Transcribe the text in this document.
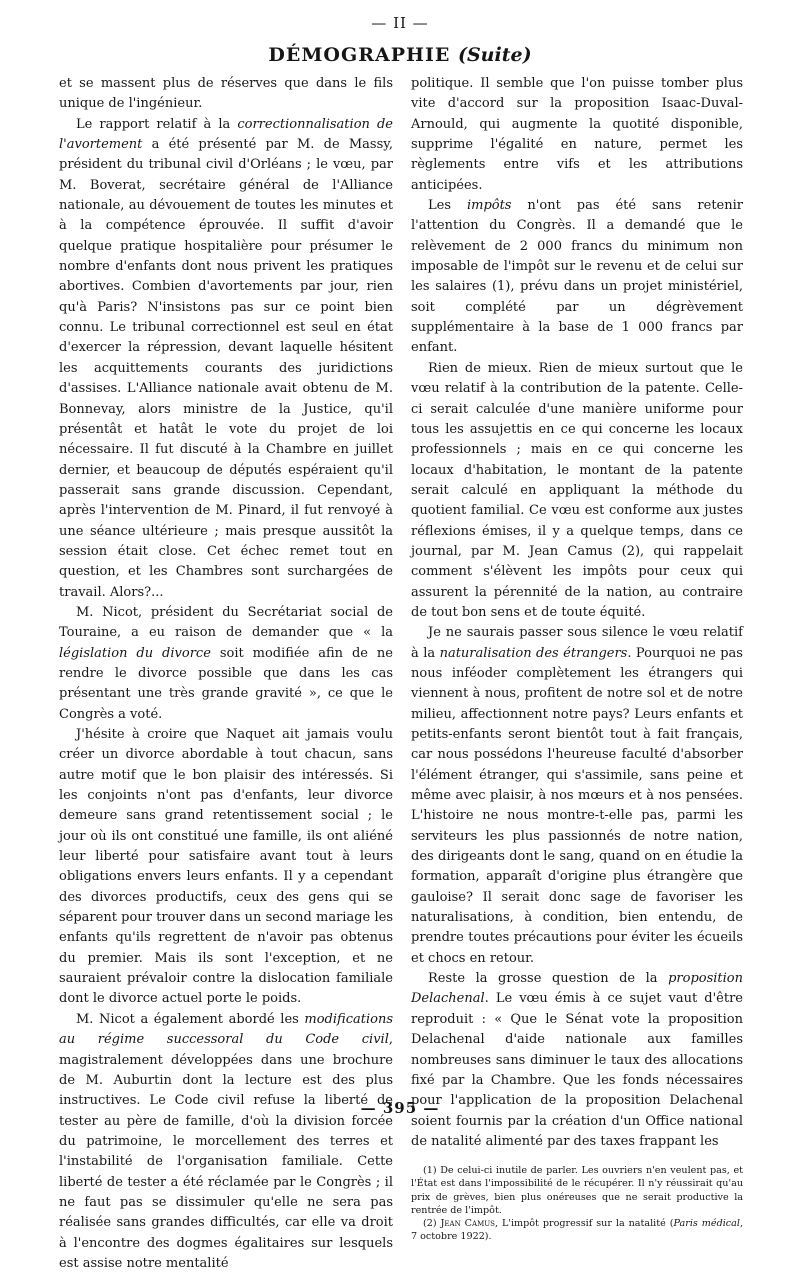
— II —
DÉMOGRAPHIE (Suite)

et se massent plus de réserves que dans le fils unique de l'ingénieur.

Le rapport relatif à la correctionnalisation de l'avortement a été présenté par M. de Massy, président du tribunal civil d'Orléans ; le vœu, par M. Boverat, secrétaire général de l'Alliance nationale, au dévouement de toutes les minutes et à la compétence éprouvée. Il suffit d'avoir quelque pratique hospitalière pour présumer le nombre d'enfants dont nous privent les pratiques abortives. Combien d'avortements par jour, rien qu'à Paris? N'insistons pas sur ce point bien connu. Le tribunal correctionnel est seul en état d'exercer la répression, devant laquelle hésitent les acquittements courants des juridictions d'assises. L'Alliance nationale avait obtenu de M. Bonnevay, alors ministre de la Justice, qu'il présentât et hatât le vote du projet de loi nécessaire. Il fut discuté à la Chambre en juillet dernier, et beaucoup de députés espéraient qu'il passerait sans grande discussion. Cependant, après l'intervention de M. Pinard, il fut renvoyé à une séance ultérieure ; mais presque aussitôt la session était close. Cet échec remet tout en question, et les Chambres sont surchargées de travail. Alors?...

M. Nicot, président du Secrétariat social de Touraine, a eu raison de demander que « la législation du divorce soit modifiée afin de ne rendre le divorce possible que dans les cas présentant une très grande gravité », ce que le Congrès a voté.

J'hésite à croire que Naquet ait jamais voulu créer un divorce abordable à tout chacun, sans autre motif que le bon plaisir des intéressés. Si les conjoints n'ont pas d'enfants, leur divorce demeure sans grand retentissement social ; le jour où ils ont constitué une famille, ils ont aliéné leur liberté pour satisfaire avant tout à leurs obligations envers leurs enfants. Il y a cependant des divorces productifs, ceux des gens qui se séparent pour trouver dans un second mariage les enfants qu'ils regrettent de n'avoir pas obtenus du premier. Mais ils sont l'exception, et ne sauraient prévaloir contre la dislocation familiale dont le divorce actuel porte le poids.

M. Nicot a également abordé les modifications au régime successoral du Code civil, magistralement développées dans une brochure de M. Auburtin dont la lecture est des plus instructives. Le Code civil refuse la liberté de tester au père de famille, d'où la division forcée du patrimoine, le morcellement des terres et l'instabilité de l'organisation familiale. Cette liberté de tester a été réclamée par le Congrès ; il ne faut pas se dissimuler qu'elle ne sera pas réalisée sans grandes difficultés, car elle va droit à l'encontre des dogmes égalitaires sur lesquels est assise notre mentalité

politique. Il semble que l'on puisse tomber plus vite d'accord sur la proposition Isaac-Duval-Arnould, qui augmente la quotité disponible, supprime l'égalité en nature, permet les règlements entre vifs et les attributions anticipées.

Les impôts n'ont pas été sans retenir l'attention du Congrès. Il a demandé que le relèvement de 2 000 francs du minimum non imposable de l'impôt sur le revenu et de celui sur les salaires (1), prévu dans un projet ministériel, soit complété par un dégrèvement supplémentaire à la base de 1 000 francs par enfant.

Rien de mieux. Rien de mieux surtout que le vœu relatif à la contribution de la patente. Celle-ci serait calculée d'une manière uniforme pour tous les assujettis en ce qui concerne les locaux professionnels ; mais en ce qui concerne les locaux d'habitation, le montant de la patente serait calculé en appliquant la méthode du quotient familial. Ce vœu est conforme aux justes réflexions émises, il y a quelque temps, dans ce journal, par M. Jean Camus (2), qui rappelait comment s'élèvent les impôts pour ceux qui assurent la pérennité de la nation, au contraire de tout bon sens et de toute équité.

Je ne saurais passer sous silence le vœu relatif à la naturalisation des étrangers. Pourquoi ne pas nous inféoder complètement les étrangers qui viennent à nous, profitent de notre sol et de notre milieu, affectionnent notre pays? Leurs enfants et petits-enfants seront bientôt tout à fait français, car nous possédons l'heureuse faculté d'absorber l'élément étranger, qui s'assimile, sans peine et même avec plaisir, à nos mœurs et à nos pensées. L'histoire ne nous montre-t-elle pas, parmi les serviteurs les plus passionnés de notre nation, des dirigeants dont le sang, quand on en étudie la formation, apparaît d'origine plus étrangère que gauloise? Il serait donc sage de favoriser les naturalisations, à condition, bien entendu, de prendre toutes précautions pour éviter les écueils et chocs en retour.

Reste la grosse question de la proposition Delachenal. Le vœu émis à ce sujet vaut d'être reproduit : « Que le Sénat vote la proposition Delachenal d'aide nationale aux familles nombreuses sans diminuer le taux des allocations fixé par la Chambre. Que les fonds nécessaires pour l'application de la proposition Delachenal soient fournis par la création d'un Office national de natalité alimenté par des taxes frappant les

(1) De celui-ci inutile de parler. Les ouvriers n'en veulent pas, et l'État est dans l'impossibilité de le récupérer. Il n'y réussirait qu'au prix de grèves, bien plus onéreuses que ne serait productive la rentrée de l'impôt.

(2) Jean Camus, L'impôt progressif sur la natalité (Paris médical, 7 octobre 1922).

— 395 —
